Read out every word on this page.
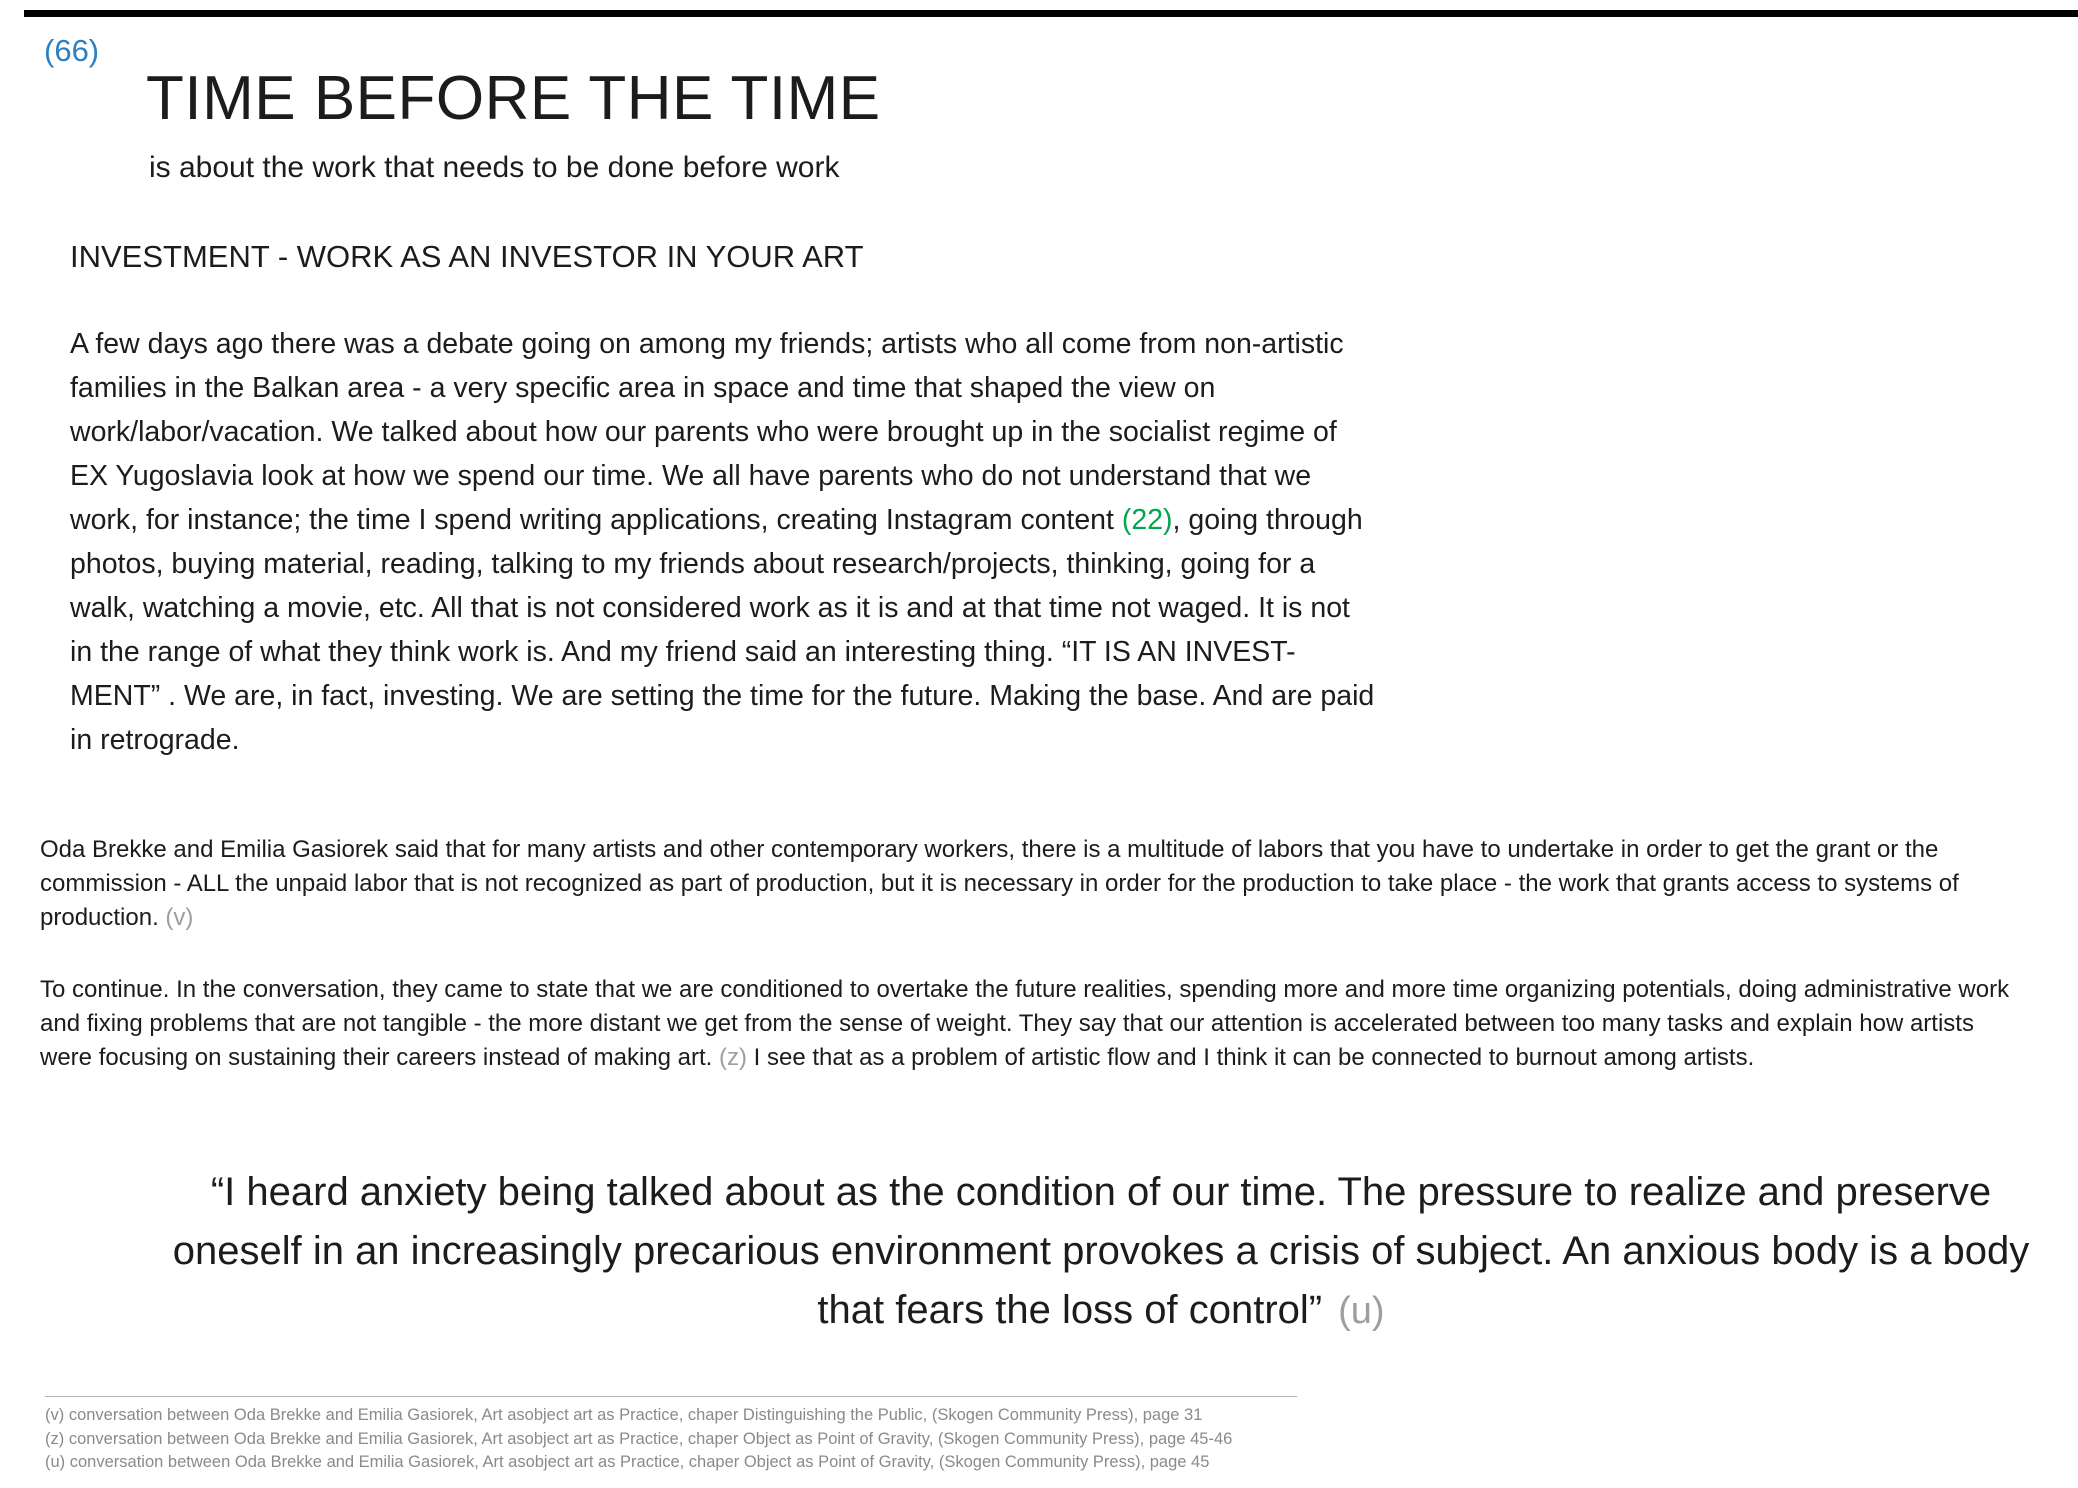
(66)
TIME BEFORE THE TIME

is about the work that needs to be done before work

INVESTMENT - WORK AS AN INVESTOR IN YOUR ART

A few days ago there was a debate going on among my friends; artists who all come from non-artistic families in the Balkan area - a very specific area in space and time that shaped the view on work/labor/vacation. We talked about how our parents who were brought up in the socialist regime of EX Yugoslavia look at how we spend our time. We all have parents who do not understand that we work, for instance; the time I spend writing applications, creating Instagram content (22), going through photos, buying material, reading, talking to my friends about research/projects, thinking, going for a walk, watching a movie, etc. All that is not considered work as it is and at that time not waged. It is not in the range of what they think work is. And my friend said an interesting thing. “IT IS AN INVEST-MENT” . We are, in fact, investing. We are setting the time for the future. Making the base. And are paid in retrograde.

Oda Brekke and Emilia Gasiorek said that for many artists and other contemporary workers, there is a multitude of labors that you have to undertake in order to get the grant or the commission - ALL the unpaid labor that is not recognized as part of production, but it is necessary in order for the production to take place - the work that grants access to systems of production. (v)

To continue. In the conversation, they came to state that we are conditioned to overtake the future realities, spending more and more time organizing potentials, doing administrative work and fixing problems that are not tangible - the more distant we get from the sense of weight. They say that our attention is accelerated between too many tasks and explain how artists were focusing on sustaining their careers instead of making art. (z) I see that as a problem of artistic flow and I think it can be connected to burnout among artists.

“I heard anxiety being talked about as the condition of our time. The pressure to realize and preserve oneself in an increasingly precarious environment provokes a crisis of subject. An anxious body is a body that fears the loss of control” (u)

(v) conversation between Oda Brekke and Emilia Gasiorek, Art asobject art as Practice, chaper Distinguishing the Public, (Skogen Community Press), page 31
(z) conversation between Oda Brekke and Emilia Gasiorek, Art asobject art as Practice, chaper Object as Point of Gravity, (Skogen Community Press), page 45-46
(u) conversation between Oda Brekke and Emilia Gasiorek, Art asobject art as Practice, chaper Object as Point of Gravity, (Skogen Community Press), page 45
